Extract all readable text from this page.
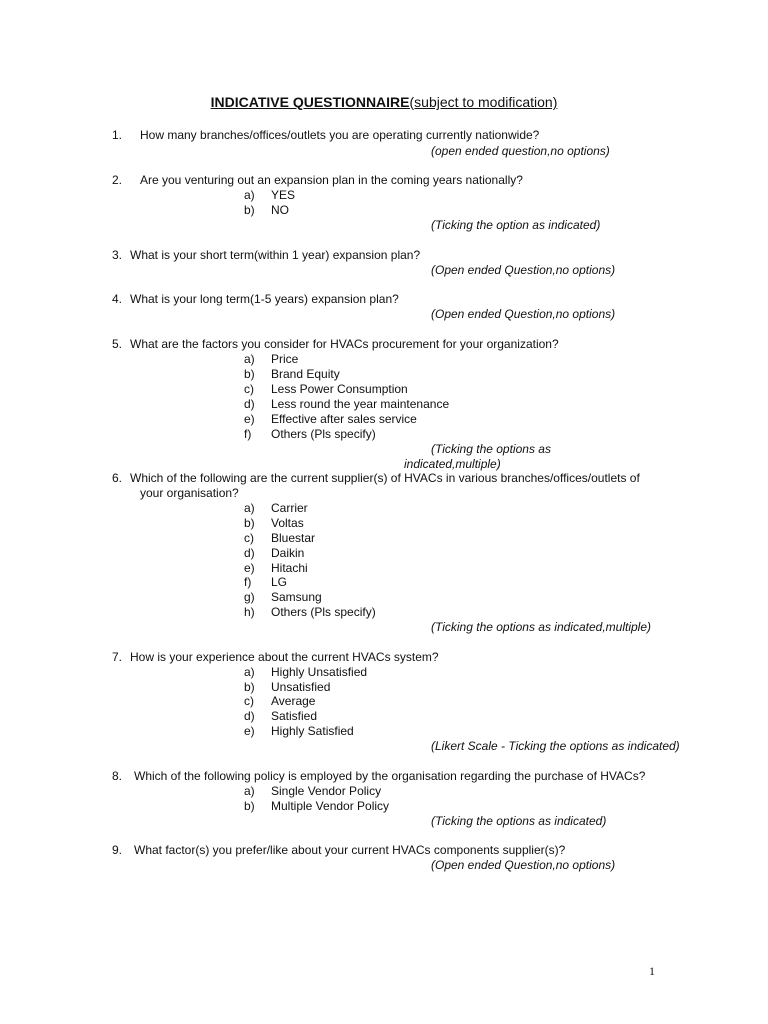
INDICATIVE QUESTIONNAIRE(subject to modification)
1. How many branches/offices/outlets you are operating currently nationwide?
(open ended question,no options)
2. Are you venturing out an expansion plan in the coming years nationally?
a) YES
b) NO
(Ticking the option as indicated)
3. What is your short term(within 1 year) expansion plan?
(Open ended Question,no options)
4. What is your long term(1-5 years) expansion plan?
(Open ended Question,no options)
5. What are the factors you consider for HVACs procurement for your organization?
a) Price
b) Brand Equity
c) Less Power Consumption
d) Less round the year maintenance
e) Effective after sales service
f) Others (Pls specify)
(Ticking the options as
indicated,multiple)
6. Which of the following are the current supplier(s) of HVACs in various branches/offices/outlets of
your organisation?
a) Carrier
b) Voltas
c) Bluestar
d) Daikin
e) Hitachi
f) LG
g) Samsung
h) Others (Pls specify)
(Ticking the options as indicated,multiple)
7. How is your experience about the current HVACs system?
a) Highly Unsatisfied
b) Unsatisfied
c) Average
d) Satisfied
e) Highly Satisfied
(Likert Scale - Ticking the options as indicated)
8. Which of the following policy is employed by the organisation regarding the purchase of HVACs?
a) Single Vendor Policy
b) Multiple Vendor Policy
(Ticking the options as indicated)
9. What factor(s) you prefer/like about your current HVACs components supplier(s)?
(Open ended Question,no options)
1
